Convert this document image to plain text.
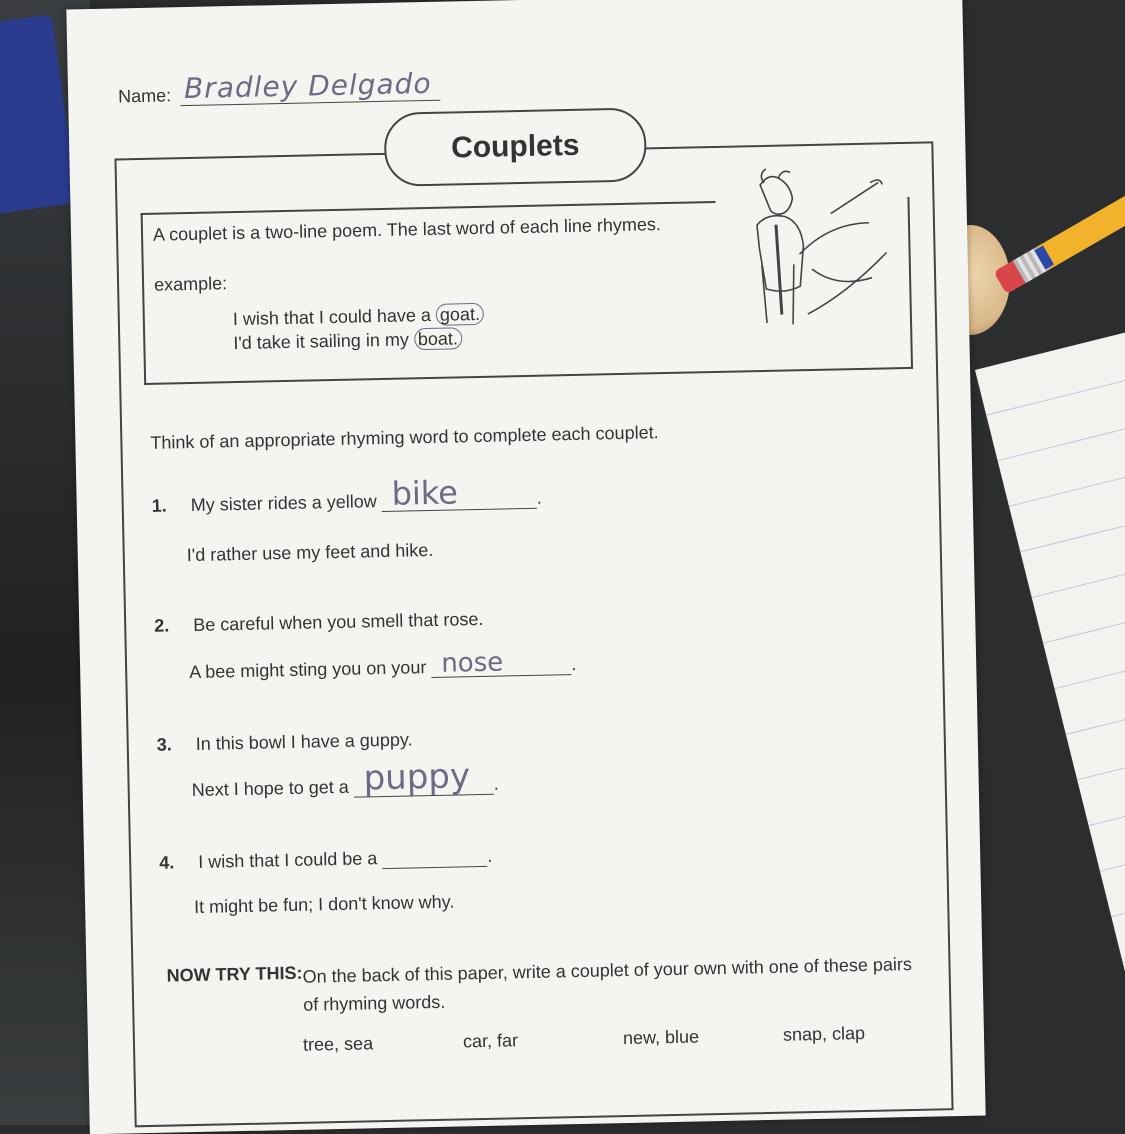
Name: Bradley Delgado
Couplets
A couplet is a two-line poem. The last word of each line rhymes.
example:
I wish that I could have a goat.
I'd take it sailing in my boat.
Think of an appropriate rhyming word to complete each couplet.
1. My sister rides a yellow bike	.
I'd rather use my feet and hike.
2. Be careful when you smell that rose.
A bee might sting you on your nose	.
3. In this bowl I have a guppy.
Next I hope to get a puppy .
4. I wish that I could be a	.
It might be fun; I don't know why.
NOW TRY THIS: On the back of this paper, write a couplet of your own with one of these pairs of rhyming words.
tree, sea	car, far	new, blue	snap, clap
